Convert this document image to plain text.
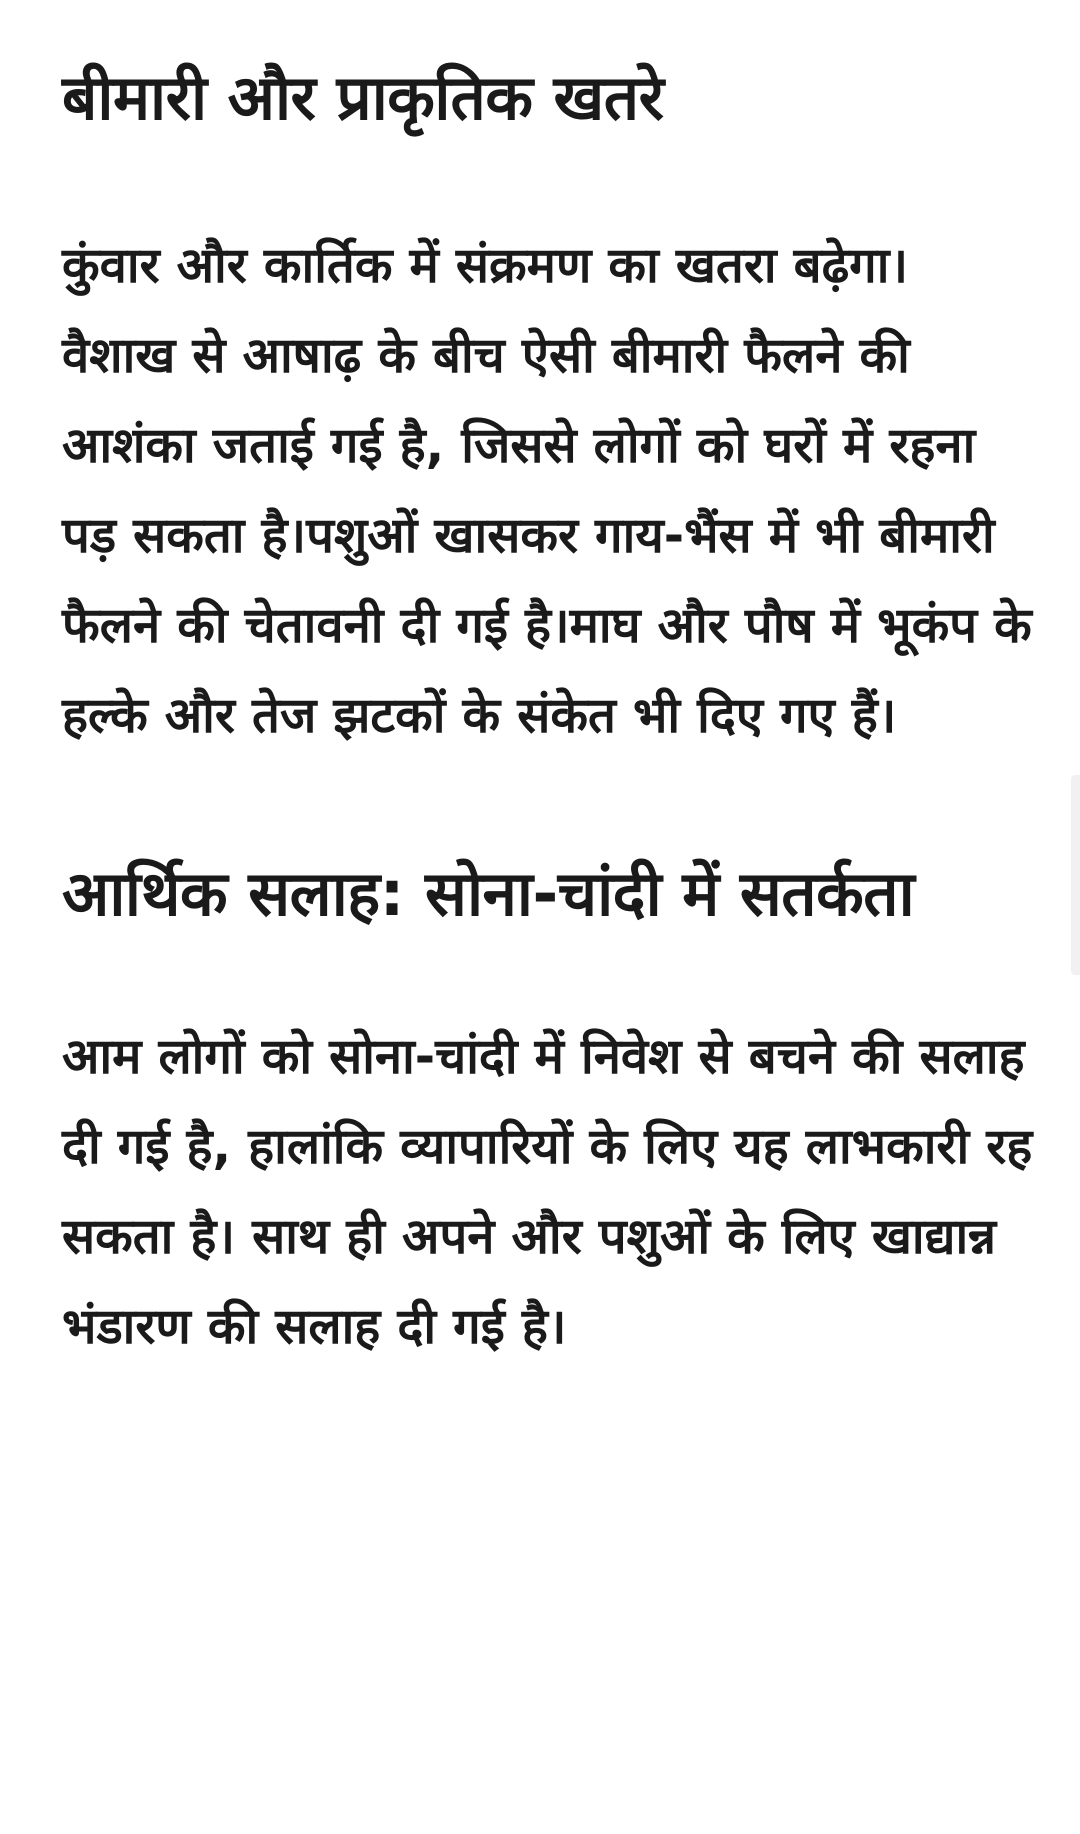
बीमारी और प्राकृतिक खतरे

कुंवार और कार्तिक में संक्रमण का खतरा बढ़ेगा। वैशाख से आषाढ़ के बीच ऐसी बीमारी फैलने की आशंका जताई गई है, जिससे लोगों को घरों में रहना पड़ सकता है।पशुओं खासकर गाय-भैंस में भी बीमारी फैलने की चेतावनी दी गई है।माघ और पौष में भूकंप के हल्के और तेज झटकों के संकेत भी दिए गए हैं।

आर्थिक सलाह: सोना-चांदी में सतर्कता

आम लोगों को सोना-चांदी में निवेश से बचने की सलाह दी गई है, हालांकि व्यापारियों के लिए यह लाभकारी रह सकता है। साथ ही अपने और पशुओं के लिए खाद्यान्न भंडारण की सलाह दी गई है।
